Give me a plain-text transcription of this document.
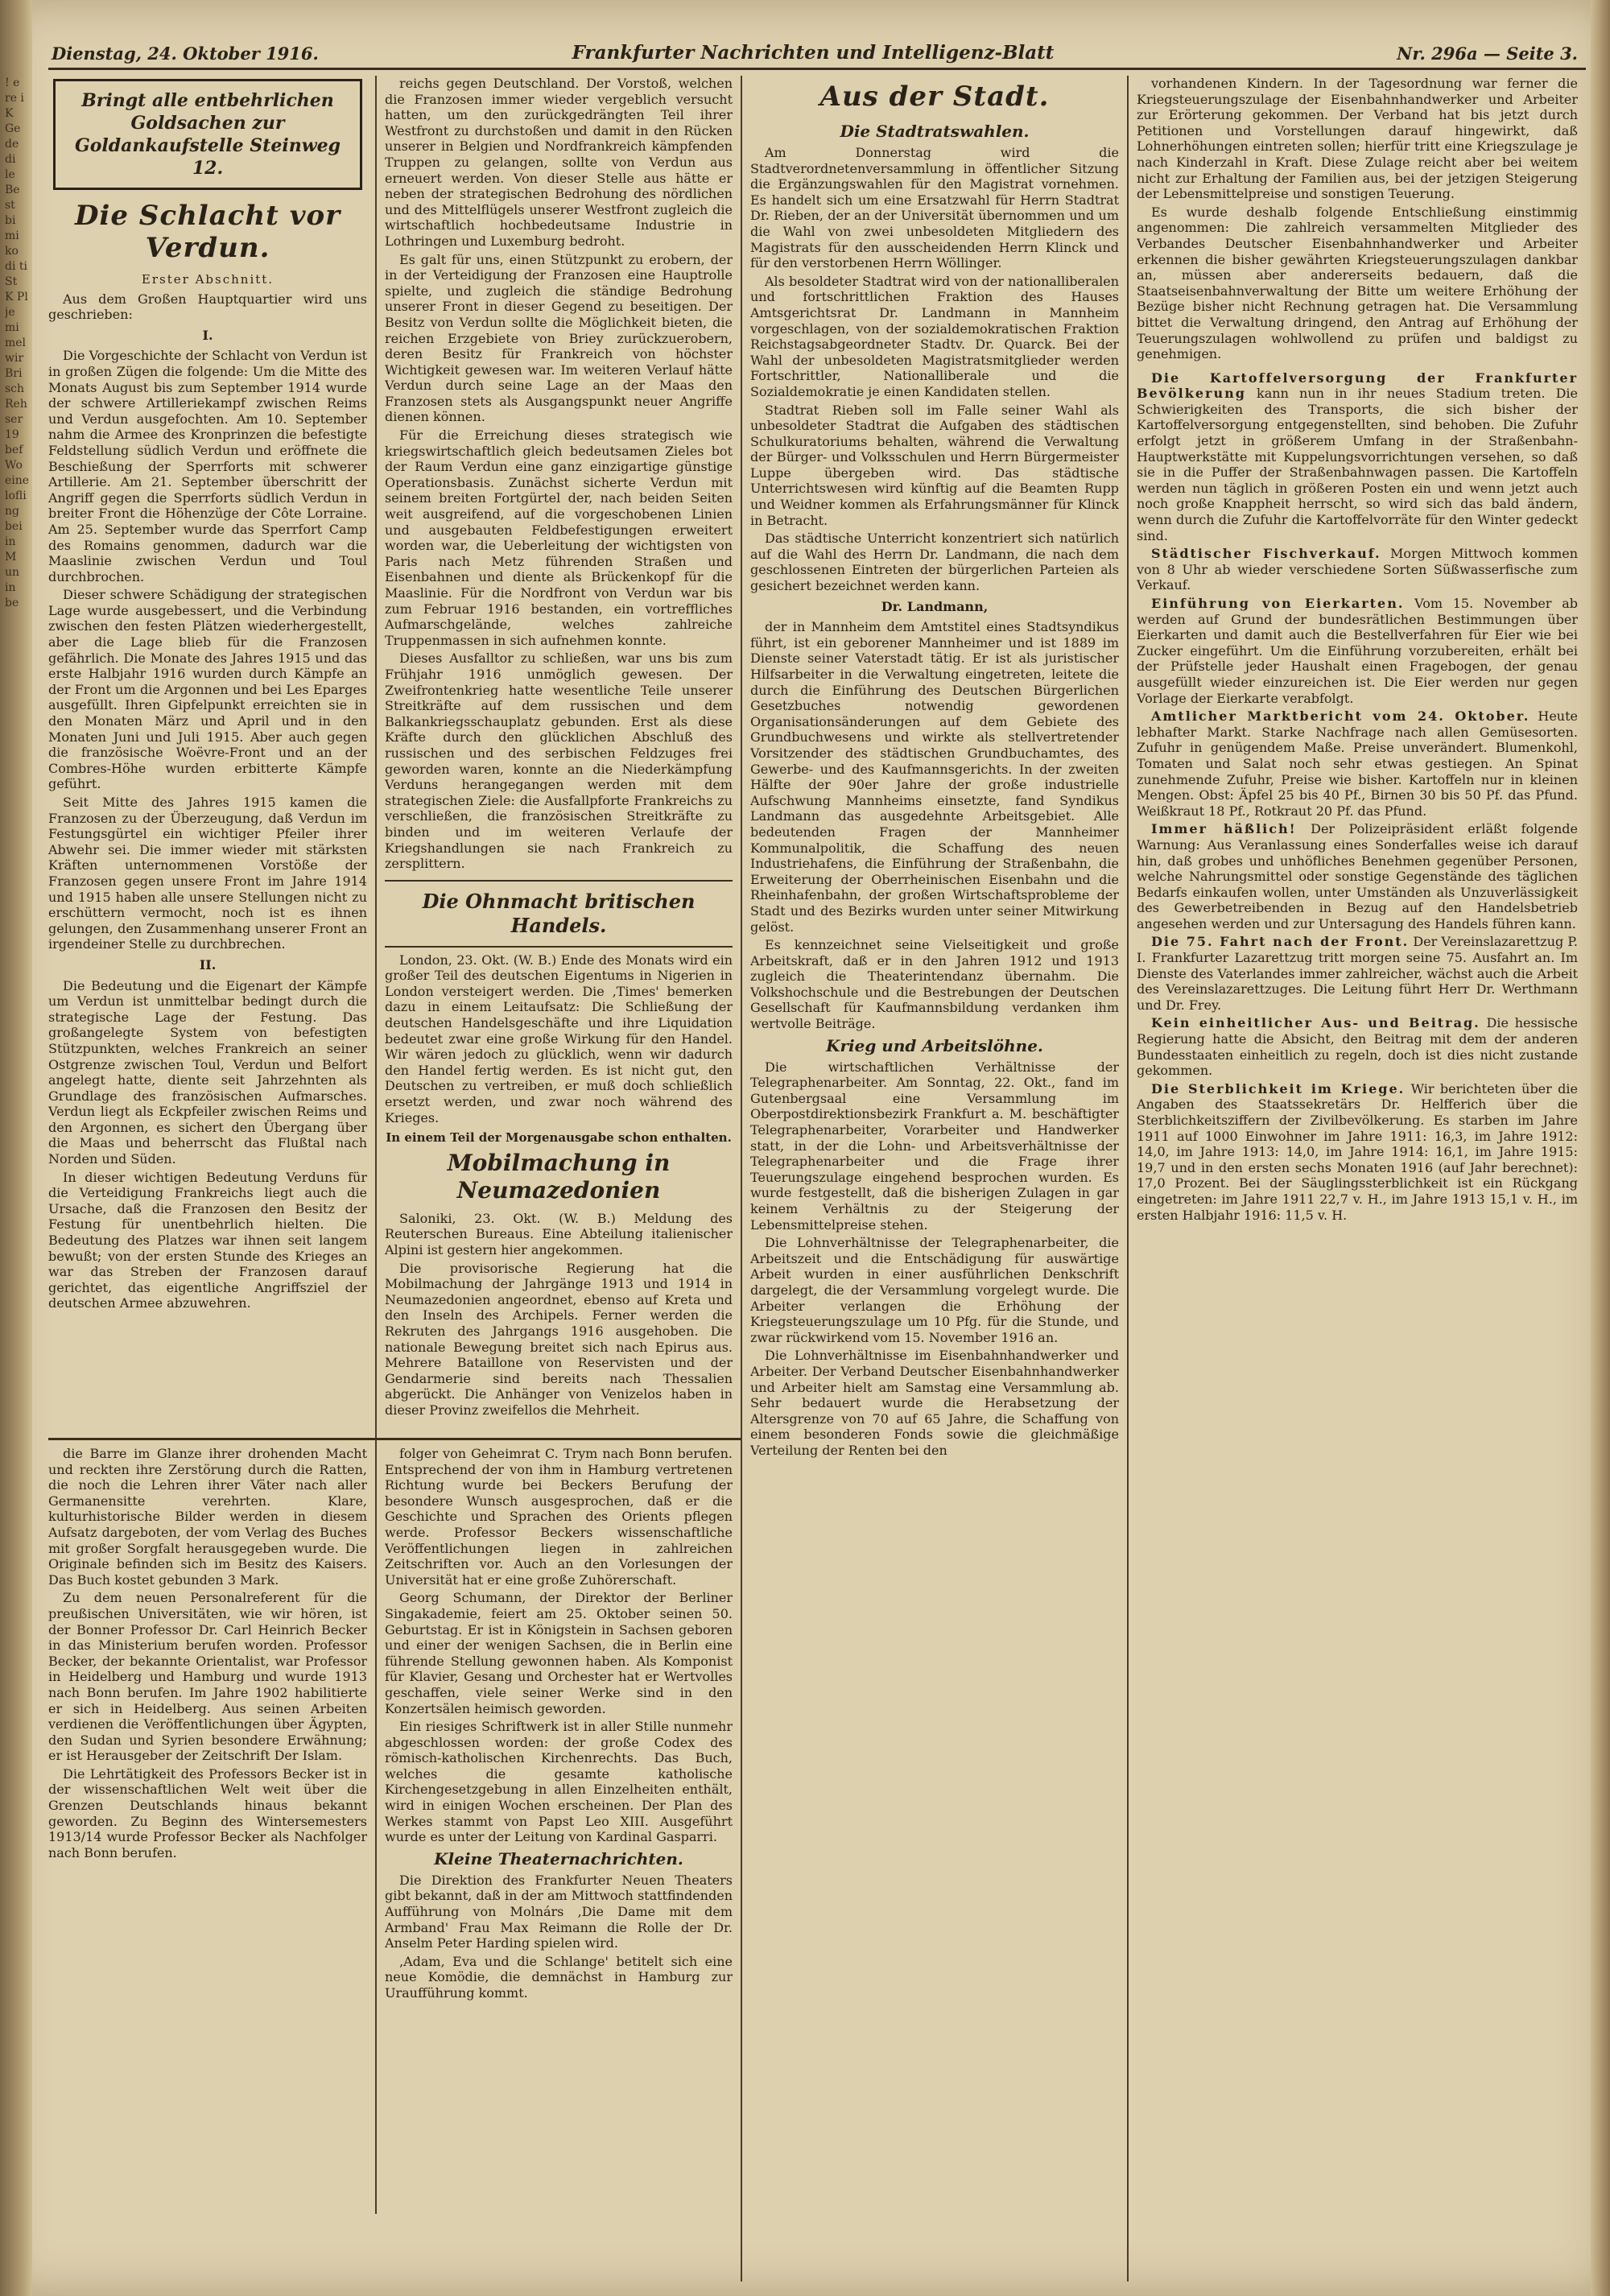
! e re i K Ge de di le Be st bi mi ko di ti St K Pl je mi mel wir Bri sch Reh ser 19 bef Wo eine lofli ng bei in M un in be
Dienstag, 24. Oktober 1916.	Frankfurter Nachrichten und Intelligenz-Blatt	Nr. 296a — Seite 3.
Bringt alle entbehrlichen Goldsachen zur Goldankaufstelle Steinweg 12.
Die Schlacht vor Verdun.

Erster Abschnitt.

Aus dem Großen Hauptquartier wird uns geschrieben:

I.

Die Vorgeschichte der Schlacht von Verdun ist in großen Zügen die folgende: Um die Mitte des Monats August bis zum September 1914 wurde der schwere Artilleriekampf zwischen Reims und Verdun ausgefochten. Am 10. September nahm die Armee des Kronprinzen die befestigte Feldstellung südlich Verdun und eröffnete die Beschießung der Sperrforts mit schwerer Artillerie. Am 21. September überschritt der Angriff gegen die Sperrforts südlich Verdun in breiter Front die Höhenzüge der Côte Lorraine. Am 25. September wurde das Sperrfort Camp des Romains genommen, dadurch war die Maaslinie zwischen Verdun und Toul durchbrochen.

Dieser schwere Schädigung der strategischen Lage wurde ausgebessert, und die Verbindung zwischen den festen Plätzen wiederhergestellt, aber die Lage blieb für die Franzosen gefährlich. Die Monate des Jahres 1915 und das erste Halbjahr 1916 wurden durch Kämpfe an der Front um die Argonnen und bei Les Eparges ausgefüllt. Ihren Gipfelpunkt erreichten sie in den Monaten März und April und in den Monaten Juni und Juli 1915. Aber auch gegen die französische Woëvre-Front und an der Combres-Höhe wurden erbitterte Kämpfe geführt.

Seit Mitte des Jahres 1915 kamen die Franzosen zu der Überzeugung, daß Verdun im Festungsgürtel ein wichtiger Pfeiler ihrer Abwehr sei. Die immer wieder mit stärksten Kräften unternommenen Vorstöße der Franzosen gegen unsere Front im Jahre 1914 und 1915 haben alle unsere Stellungen nicht zu erschüttern vermocht, noch ist es ihnen gelungen, den Zusammenhang unserer Front an irgendeiner Stelle zu durchbrechen.

II.

Die Bedeutung und die Eigenart der Kämpfe um Verdun ist unmittelbar bedingt durch die strategische Lage der Festung. Das großangelegte System von befestigten Stützpunkten, welches Frankreich an seiner Ostgrenze zwischen Toul, Verdun und Belfort angelegt hatte, diente seit Jahrzehnten als Grundlage des französischen Aufmarsches. Verdun liegt als Eckpfeiler zwischen Reims und den Argonnen, es sichert den Übergang über die Maas und beherrscht das Flußtal nach Norden und Süden.

In dieser wichtigen Bedeutung Verduns für die Verteidigung Frankreichs liegt auch die Ursache, daß die Franzosen den Besitz der Festung für unentbehrlich hielten. Die Bedeutung des Platzes war ihnen seit langem bewußt; von der ersten Stunde des Krieges an war das Streben der Franzosen darauf gerichtet, das eigentliche Angriffsziel der deutschen Armee abzuwehren.

reichs gegen Deutschland. Der Vorstoß, welchen die Franzosen immer wieder vergeblich versucht hatten, um den zurückgedrängten Teil ihrer Westfront zu durchstoßen und damit in den Rücken unserer in Belgien und Nordfrankreich kämpfenden Truppen zu gelangen, sollte von Verdun aus erneuert werden. Von dieser Stelle aus hätte er neben der strategischen Bedrohung des nördlichen und des Mittelflügels unserer Westfront zugleich die wirtschaftlich hochbedeutsame Industrie in Lothringen und Luxemburg bedroht.

Es galt für uns, einen Stützpunkt zu erobern, der in der Verteidigung der Franzosen eine Hauptrolle spielte, und zugleich die ständige Bedrohung unserer Front in dieser Gegend zu beseitigen. Der Besitz von Verdun sollte die Möglichkeit bieten, die reichen Erzgebiete von Briey zurückzuerobern, deren Besitz für Frankreich von höchster Wichtigkeit gewesen war. Im weiteren Verlauf hätte Verdun durch seine Lage an der Maas den Franzosen stets als Ausgangspunkt neuer Angriffe dienen können.

Für die Erreichung dieses strategisch wie kriegswirtschaftlich gleich bedeutsamen Zieles bot der Raum Verdun eine ganz einzigartige günstige Operationsbasis. Zunächst sicherte Verdun mit seinem breiten Fortgürtel der, nach beiden Seiten weit ausgreifend, auf die vorgeschobenen Linien und ausgebauten Feldbefestigungen erweitert worden war, die Ueberleitung der wichtigsten von Paris nach Metz führenden Straßen und Eisenbahnen und diente als Brückenkopf für die Maaslinie. Für die Nordfront von Verdun war bis zum Februar 1916 bestanden, ein vortreffliches Aufmarschgelände, welches zahlreiche Truppenmassen in sich aufnehmen konnte.

Dieses Ausfalltor zu schließen, war uns bis zum Frühjahr 1916 unmöglich gewesen. Der Zweifrontenkrieg hatte wesentliche Teile unserer Streitkräfte auf dem russischen und dem Balkankriegsschauplatz gebunden. Erst als diese Kräfte durch den glücklichen Abschluß des russischen und des serbischen Feldzuges frei geworden waren, konnte an die Niederkämpfung Verduns herangegangen werden mit dem strategischen Ziele: die Ausfallpforte Frankreichs zu verschließen, die französischen Streitkräfte zu binden und im weiteren Verlaufe der Kriegshandlungen sie nach Frankreich zu zersplittern.

Die Ohnmacht britischen Handels.

London, 23. Okt. (W. B.) Ende des Monats wird ein großer Teil des deutschen Eigentums in Nigerien in London versteigert werden. Die ‚Times' bemerken dazu in einem Leitaufsatz: Die Schließung der deutschen Handelsgeschäfte und ihre Liquidation bedeutet zwar eine große Wirkung für den Handel. Wir wären jedoch zu glücklich, wenn wir dadurch den Handel fertig werden. Es ist nicht gut, den Deutschen zu vertreiben, er muß doch schließlich ersetzt werden, und zwar noch während des Krieges.

In einem Teil der Morgenausgabe schon enthalten.

Mobilmachung in Neumazedonien

Saloniki, 23. Okt. (W. B.) Meldung des Reuterschen Bureaus. Eine Abteilung italienischer Alpini ist gestern hier angekommen.

Die provisorische Regierung hat die Mobilmachung der Jahrgänge 1913 und 1914 in Neumazedonien angeordnet, ebenso auf Kreta und den Inseln des Archipels. Ferner werden die Rekruten des Jahrgangs 1916 ausgehoben. Die nationale Bewegung breitet sich nach Epirus aus. Mehrere Bataillone von Reservisten und der Gendarmerie sind bereits nach Thessalien abgerückt. Die Anhänger von Venizelos haben in dieser Provinz zweifellos die Mehrheit.

die Barre im Glanze ihrer drohenden Macht und reckten ihre Zerstörung durch die Ratten, die noch die Lehren ihrer Väter nach aller Germanensitte verehrten. Klare, kulturhistorische Bilder werden in diesem Aufsatz dargeboten, der vom Verlag des Buches mit großer Sorgfalt herausgegeben wurde. Die Originale befinden sich im Besitz des Kaisers. Das Buch kostet gebunden 3 Mark.

Zu dem neuen Personalreferent für die preußischen Universitäten, wie wir hören, ist der Bonner Professor Dr. Carl Heinrich Becker in das Ministerium berufen worden. Professor Becker, der bekannte Orientalist, war Professor in Heidelberg und Hamburg und wurde 1913 nach Bonn berufen. Im Jahre 1902 habilitierte er sich in Heidelberg. Aus seinen Arbeiten verdienen die Veröffentlichungen über Ägypten, den Sudan und Syrien besondere Erwähnung; er ist Herausgeber der Zeitschrift Der Islam.

Die Lehrtätigkeit des Professors Becker ist in der wissenschaftlichen Welt weit über die Grenzen Deutschlands hinaus bekannt geworden. Zu Beginn des Wintersemesters 1913/14 wurde Professor Becker als Nachfolger nach Bonn berufen.

folger von Geheimrat C. Trym nach Bonn berufen. Entsprechend der von ihm in Hamburg vertretenen Richtung wurde bei Beckers Berufung der besondere Wunsch ausgesprochen, daß er die Geschichte und Sprachen des Orients pflegen werde. Professor Beckers wissenschaftliche Veröffentlichungen liegen in zahlreichen Zeitschriften vor. Auch an den Vorlesungen der Universität hat er eine große Zuhörerschaft.

Georg Schumann, der Direktor der Berliner Singakademie, feiert am 25. Oktober seinen 50. Geburtstag. Er ist in Königstein in Sachsen geboren und einer der wenigen Sachsen, die in Berlin eine führende Stellung gewonnen haben. Als Komponist für Klavier, Gesang und Orchester hat er Wertvolles geschaffen, viele seiner Werke sind in den Konzertsälen heimisch geworden.

Ein riesiges Schriftwerk ist in aller Stille nunmehr abgeschlossen worden: der große Codex des römisch-katholischen Kirchenrechts. Das Buch, welches die gesamte katholische Kirchengesetzgebung in allen Einzelheiten enthält, wird in einigen Wochen erscheinen. Der Plan des Werkes stammt von Papst Leo XIII. Ausgeführt wurde es unter der Leitung von Kardinal Gasparri.

Kleine Theaternachrichten.

Die Direktion des Frankfurter Neuen Theaters gibt bekannt, daß in der am Mittwoch stattfindenden Aufführung von Molnárs ‚Die Dame mit dem Armband' Frau Max Reimann die Rolle der Dr. Anselm Peter Harding spielen wird.

‚Adam, Eva und die Schlange' betitelt sich eine neue Komödie, die demnächst in Hamburg zur Uraufführung kommt.

Aus der Stadt.
Die Stadtratswahlen.

Am Donnerstag wird die Stadtverordnetenversammlung in öffentlicher Sitzung die Ergänzungswahlen für den Magistrat vornehmen. Es handelt sich um eine Ersatzwahl für Herrn Stadtrat Dr. Rieben, der an der Universität übernommen und um die Wahl von zwei unbesoldeten Mitgliedern des Magistrats für den ausscheidenden Herrn Klinck und für den verstorbenen Herrn Wöllinger.

Als besoldeter Stadtrat wird von der nationalliberalen und fortschrittlichen Fraktion des Hauses Amtsgerichtsrat Dr. Landmann in Mannheim vorgeschlagen, von der sozialdemokratischen Fraktion Reichstagsabgeordneter Stadtv. Dr. Quarck. Bei der Wahl der unbesoldeten Magistratsmitglieder werden Fortschrittler, Nationalliberale und die Sozialdemokratie je einen Kandidaten stellen.

Stadtrat Rieben soll im Falle seiner Wahl als unbesoldeter Stadtrat die Aufgaben des städtischen Schulkuratoriums behalten, während die Verwaltung der Bürger- und Volksschulen und Herrn Bürgermeister Luppe übergeben wird. Das städtische Unterrichtswesen wird künftig auf die Beamten Rupp und Weidner kommen als Erfahrungsmänner für Klinck in Betracht.

Das städtische Unterricht konzentriert sich natürlich auf die Wahl des Herrn Dr. Landmann, die nach dem geschlossenen Eintreten der bürgerlichen Parteien als gesichert bezeichnet werden kann.

Dr. Landmann,

der in Mannheim dem Amtstitel eines Stadtsyndikus führt, ist ein geborener Mannheimer und ist 1889 im Dienste seiner Vaterstadt tätig. Er ist als juristischer Hilfsarbeiter in die Verwaltung eingetreten, leitete die durch die Einführung des Deutschen Bürgerlichen Gesetzbuches notwendig gewordenen Organisationsänderungen auf dem Gebiete des Grundbuchwesens und wirkte als stellvertretender Vorsitzender des städtischen Grundbuchamtes, des Gewerbe- und des Kaufmannsgerichts. In der zweiten Hälfte der 90er Jahre der große industrielle Aufschwung Mannheims einsetzte, fand Syndikus Landmann das ausgedehnte Arbeitsgebiet. Alle bedeutenden Fragen der Mannheimer Kommunalpolitik, die Schaffung des neuen Industriehafens, die Einführung der Straßenbahn, die Erweiterung der Oberrheinischen Eisenbahn und die Rheinhafenbahn, der großen Wirtschaftsprobleme der Stadt und des Bezirks wurden unter seiner Mitwirkung gelöst.

Es kennzeichnet seine Vielseitigkeit und große Arbeitskraft, daß er in den Jahren 1912 und 1913 zugleich die Theaterintendanz übernahm. Die Volkshochschule und die Bestrebungen der Deutschen Gesellschaft für Kaufmannsbildung verdanken ihm wertvolle Beiträge.

Krieg und Arbeitslöhne.

Die wirtschaftlichen Verhältnisse der Telegraphenarbeiter. Am Sonntag, 22. Okt., fand im Gutenbergsaal eine Versammlung im Oberpostdirektionsbezirk Frankfurt a. M. beschäftigter Telegraphenarbeiter, Vorarbeiter und Handwerker statt, in der die Lohn- und Arbeitsverhältnisse der Telegraphenarbeiter und die Frage ihrer Teuerungszulage eingehend besprochen wurden. Es wurde festgestellt, daß die bisherigen Zulagen in gar keinem Verhältnis zu der Steigerung der Lebensmittelpreise stehen.

Die Lohnverhältnisse der Telegraphenarbeiter, die Arbeitszeit und die Entschädigung für auswärtige Arbeit wurden in einer ausführlichen Denkschrift dargelegt, die der Versammlung vorgelegt wurde. Die Arbeiter verlangen die Erhöhung der Kriegsteuerungszulage um 10 Pfg. für die Stunde, und zwar rückwirkend vom 15. November 1916 an.

Die Lohnverhältnisse im Eisenbahnhandwerker und Arbeiter. Der Verband Deutscher Eisenbahnhandwerker und Arbeiter hielt am Samstag eine Versammlung ab. Sehr bedauert wurde die Herabsetzung der Altersgrenze von 70 auf 65 Jahre, die Schaffung von einem besonderen Fonds sowie die gleichmäßige Verteilung der Renten bei den

vorhandenen Kindern. In der Tagesordnung war ferner die Kriegsteuerungszulage der Eisenbahnhandwerker und Arbeiter zur Erörterung gekommen. Der Verband hat bis jetzt durch Petitionen und Vorstellungen darauf hingewirkt, daß Lohnerhöhungen eintreten sollen; hierfür tritt eine Kriegszulage je nach Kinderzahl in Kraft. Diese Zulage reicht aber bei weitem nicht zur Erhaltung der Familien aus, bei der jetzigen Steigerung der Lebensmittelpreise und sonstigen Teuerung.

Es wurde deshalb folgende Entschließung einstimmig angenommen: Die zahlreich versammelten Mitglieder des Verbandes Deutscher Eisenbahnhandwerker und Arbeiter erkennen die bisher gewährten Kriegsteuerungszulagen dankbar an, müssen aber andererseits bedauern, daß die Staatseisenbahnverwaltung der Bitte um weitere Erhöhung der Bezüge bisher nicht Rechnung getragen hat. Die Versammlung bittet die Verwaltung dringend, den Antrag auf Erhöhung der Teuerungszulagen wohlwollend zu prüfen und baldigst zu genehmigen.

Die Kartoffelversorgung der Frankfurter Bevölkerung kann nun in ihr neues Stadium treten. Die Schwierigkeiten des Transports, die sich bisher der Kartoffelversorgung entgegenstellten, sind behoben. Die Zufuhr erfolgt jetzt in größerem Umfang in der Straßenbahn-Hauptwerkstätte mit Kuppelungsvorrichtungen versehen, so daß sie in die Puffer der Straßenbahnwagen passen. Die Kartoffeln werden nun täglich in größeren Posten ein und wenn jetzt auch noch große Knappheit herrscht, so wird sich das bald ändern, wenn durch die Zufuhr die Kartoffelvorräte für den Winter gedeckt sind.

Städtischer Fischverkauf. Morgen Mittwoch kommen von 8 Uhr ab wieder verschiedene Sorten Süßwasserfische zum Verkauf.

Einführung von Eierkarten. Vom 15. November ab werden auf Grund der bundesrätlichen Bestimmungen über Eierkarten und damit auch die Bestellverfahren für Eier wie bei Zucker eingeführt. Um die Einführung vorzubereiten, erhält bei der Prüfstelle jeder Haushalt einen Fragebogen, der genau ausgefüllt wieder einzureichen ist. Die Eier werden nur gegen Vorlage der Eierkarte verabfolgt.

Amtlicher Marktbericht vom 24. Oktober. Heute lebhafter Markt. Starke Nachfrage nach allen Gemüsesorten. Zufuhr in genügendem Maße. Preise unverändert. Blumenkohl, Tomaten und Salat noch sehr etwas gestiegen. An Spinat zunehmende Zufuhr, Preise wie bisher. Kartoffeln nur in kleinen Mengen. Obst: Äpfel 25 bis 40 Pf., Birnen 30 bis 50 Pf. das Pfund. Weißkraut 18 Pf., Rotkraut 20 Pf. das Pfund.

Immer häßlich! Der Polizeipräsident erläßt folgende Warnung: Aus Veranlassung eines Sonderfalles weise ich darauf hin, daß grobes und unhöfliches Benehmen gegenüber Personen, welche Nahrungsmittel oder sonstige Gegenstände des täglichen Bedarfs einkaufen wollen, unter Umständen als Unzuverlässigkeit des Gewerbetreibenden in Bezug auf den Handelsbetrieb angesehen werden und zur Untersagung des Handels führen kann.

Die 75. Fahrt nach der Front. Der Vereinslazarettzug P. I. Frankfurter Lazarettzug tritt morgen seine 75. Ausfahrt an. Im Dienste des Vaterlandes immer zahlreicher, wächst auch die Arbeit des Vereinslazarettzuges. Die Leitung führt Herr Dr. Werthmann und Dr. Frey.

Kein einheitlicher Aus- und Beitrag. Die hessische Regierung hatte die Absicht, den Beitrag mit dem der anderen Bundesstaaten einheitlich zu regeln, doch ist dies nicht zustande gekommen.

Die Sterblichkeit im Kriege. Wir berichteten über die Angaben des Staatssekretärs Dr. Helfferich über die Sterblichkeitsziffern der Zivilbevölkerung. Es starben im Jahre 1911 auf 1000 Einwohner im Jahre 1911: 16,3, im Jahre 1912: 14,0, im Jahre 1913: 14,0, im Jahre 1914: 16,1, im Jahre 1915: 19,7 und in den ersten sechs Monaten 1916 (auf Jahr berechnet): 17,0 Prozent. Bei der Säuglingssterblichkeit ist ein Rückgang eingetreten: im Jahre 1911 22,7 v. H., im Jahre 1913 15,1 v. H., im ersten Halbjahr 1916: 11,5 v. H.
